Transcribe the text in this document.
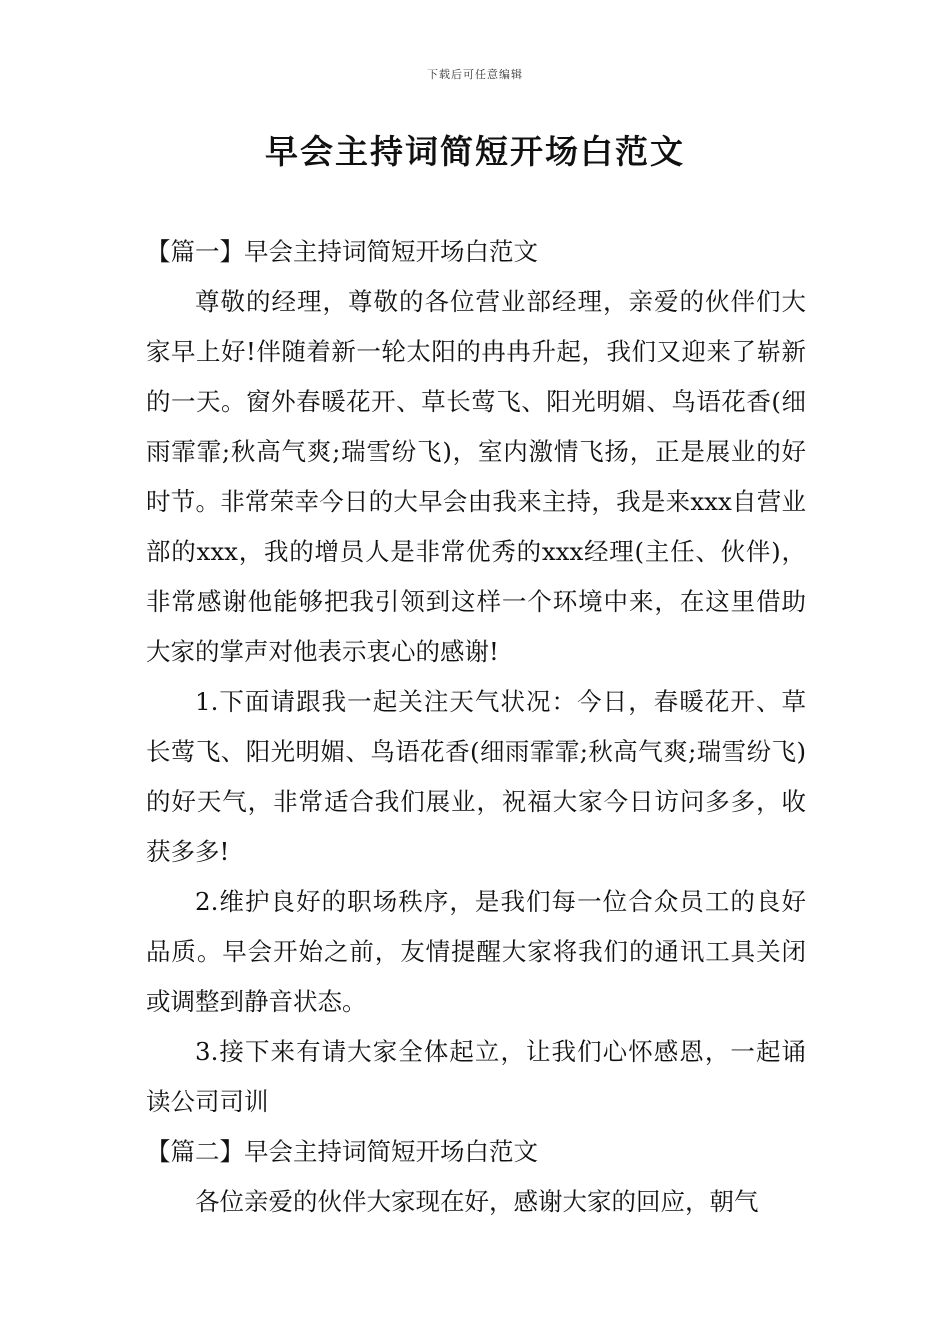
下载后可任意编辑
早会主持词简短开场白范文

【篇一】早会主持词简短开场白范文

尊敬的经理，尊敬的各位营业部经理，亲爱的伙伴们大家早上好!伴随着新一轮太阳的冉冉升起，我们又迎来了崭新的一天。窗外春暖花开、草长莺飞、阳光明媚、鸟语花香(细雨霏霏;秋高气爽;瑞雪纷飞)，室内激情飞扬，正是展业的好时节。非常荣幸今日的大早会由我来主持，我是来xxx自营业部的xxx，我的增员人是非常优秀的xxx经理(主任、伙伴)，非常感谢他能够把我引领到这样一个环境中来，在这里借助大家的掌声对他表示衷心的感谢!

1.下面请跟我一起关注天气状况：今日，春暖花开、草长莺飞、阳光明媚、鸟语花香(细雨霏霏;秋高气爽;瑞雪纷飞)的好天气，非常适合我们展业，祝福大家今日访问多多，收获多多!

2.维护良好的职场秩序，是我们每一位合众员工的良好品质。早会开始之前，友情提醒大家将我们的通讯工具关闭或调整到静音状态。

3.接下来有请大家全体起立，让我们心怀感恩，一起诵读公司司训

【篇二】早会主持词简短开场白范文

各位亲爱的伙伴大家现在好，感谢大家的回应，朝气
